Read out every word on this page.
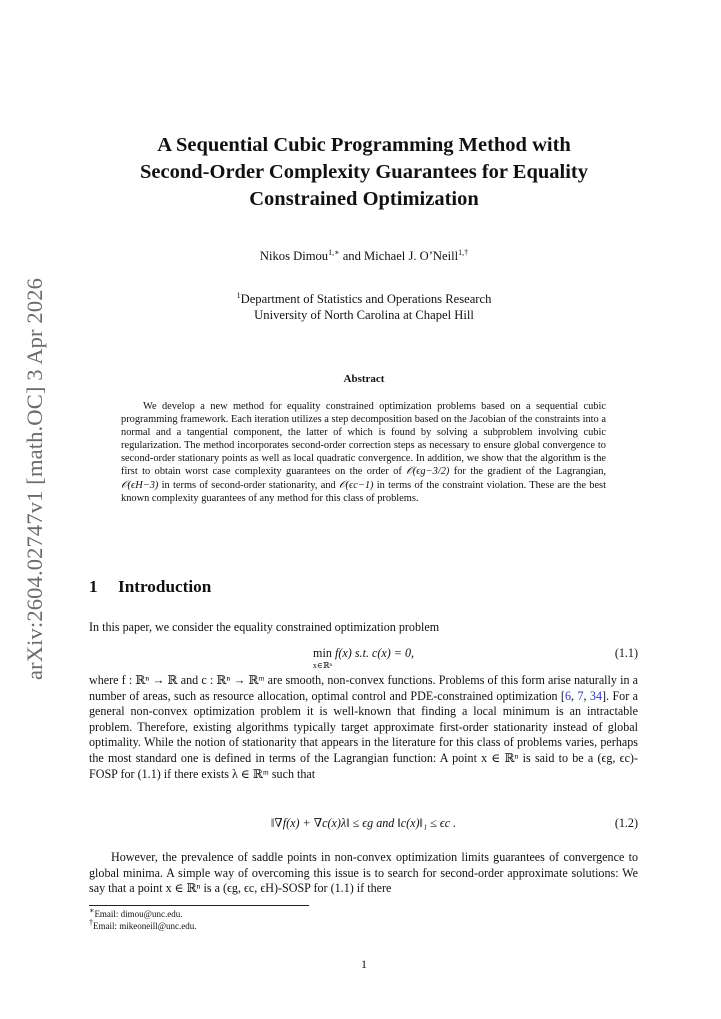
arXiv:2604.02747v1 [math.OC] 3 Apr 2026
A Sequential Cubic Programming Method with
Second-Order Complexity Guarantees for Equality
Constrained Optimization
Nikos Dimou$^{1,∗}$ and Michael J. O’Neill$^{1,\dagger}$
$^1$Department of Statistics and Operations Research
University of North Carolina at Chapel Hill
Abstract

We develop a new method for equality constrained optimization problems based on a sequential cubic programming framework. Each iteration utilizes a step decomposition based on the Jacobian of the constraints into a normal and a tangential component, the latter of which is found by solving a subproblem involving cubic regularization. The method incorporates second-order correction steps as necessary to ensure global convergence to second-order stationary points as well as local quadratic convergence. In addition, we show that the algorithm is the first to obtain worst case complexity guarantees on the order of 𝒪(ϵg−3/2) for the gradient of the Lagrangian, 𝒪(ϵH−3) in terms of second-order stationarity, and 𝒪(ϵc−1) in terms of the constraint violation. These are the best known complexity guarantees of any method for this class of problems.

1 Introduction

In this paper, we consider the equality constrained optimization problem

min
x∈ℝⁿ
f(x) s.t. c(x) = 0,	(1.1)

where f : ℝⁿ → ℝ and c : ℝⁿ → ℝᵐ are smooth, non-convex functions. Problems of this form arise naturally in a number of areas, such as resource allocation, optimal control and PDE-constrained optimization [6, 7, 34]. For a general non-convex optimization problem it is well-known that finding a local minimum is an intractable problem. Therefore, existing algorithms typically target approximate first-order stationarity instead of global optimality. While the notion of stationarity that appears in the literature for this class of problems varies, perhaps the most standard one is defined in terms of the Lagrangian function: A point x ∈ ℝⁿ is said to be a (ϵg, ϵc)-FOSP for (1.1) if there exists λ ∈ ℝᵐ such that

‖∇f(x) + ∇c(x)λ‖ ≤ ϵg and ‖c(x)‖₁ ≤ ϵc .	(1.2)

However, the prevalence of saddle points in non-convex optimization limits guarantees of convergence to global minima. A simple way of overcoming this issue is to search for second-order approximate solutions: We say that a point x ∈ ℝⁿ is a (ϵg, ϵc, ϵH)-SOSP for (1.1) if there

∗Email: dimou@unc.edu.
†Email: mikeoneill@unc.edu.
1
